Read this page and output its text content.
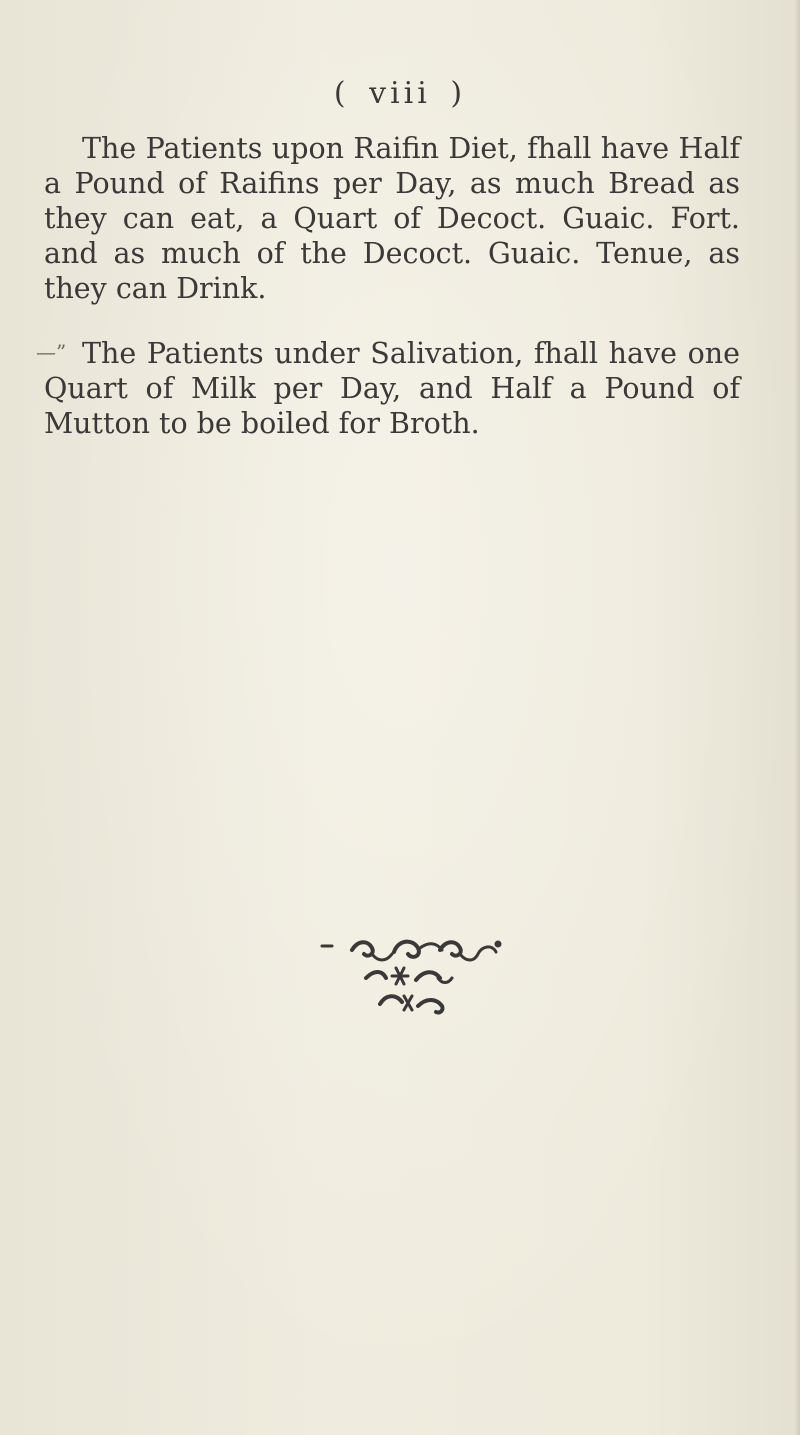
( viii )
—”
The Patients upon Raifin Diet, fhall have Half a Pound of Raifins per Day, as much Bread as they can eat, a Quart of Decoct. Guaic. Fort. and as much of the Decoct. Guaic. Tenue, as they can Drink.
The Patients under Salivation, fhall have one Quart of Milk per Day, and Half a Pound of Mutton to be boiled for Broth.
